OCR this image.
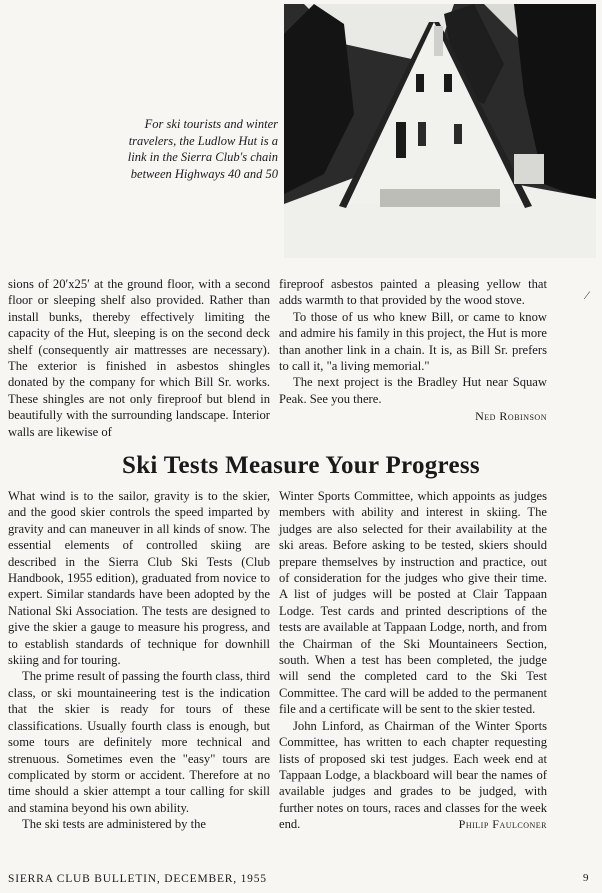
For ski tourists and winter travelers, the Ludlow Hut is a link in the Sierra Club's chain between Highways 40 and 50

sions of 20′x25′ at the ground floor, with a second floor or sleeping shelf also provided. Rather than install bunks, thereby effectively limiting the capacity of the Hut, sleeping is on the second deck shelf (consequently air mattresses are necessary). The exterior is finished in asbestos shingles donated by the company for which Bill Sr. works. These shingles are not only fireproof but blend in beautifully with the surrounding landscape. Interior walls are likewise of

fireproof asbestos painted a pleasing yellow that adds warmth to that provided by the wood stove.

To those of us who knew Bill, or came to know and admire his family in this project, the Hut is more than another link in a chain. It is, as Bill Sr. prefers to call it, "a living memorial."

The next project is the Bradley Hut near Squaw Peak. See you there.

Ned Robinson
⁄
Ski Tests Measure Your Progress

What wind is to the sailor, gravity is to the skier, and the good skier controls the speed imparted by gravity and can maneuver in all kinds of snow. The essential elements of controlled skiing are described in the Sierra Club Ski Tests (Club Handbook, 1955 edition), graduated from novice to expert. Similar standards have been adopted by the National Ski Association. The tests are designed to give the skier a gauge to measure his progress, and to establish standards of technique for downhill skiing and for touring.

The prime result of passing the fourth class, third class, or ski mountaineering test is the indication that the skier is ready for tours of these classifications. Usually fourth class is enough, but some tours are definitely more technical and strenuous. Sometimes even the "easy" tours are complicated by storm or accident. Therefore at no time should a skier attempt a tour calling for skill and stamina beyond his own ability.

The ski tests are administered by the

Winter Sports Committee, which appoints as judges members with ability and interest in skiing. The judges are also selected for their availability at the ski areas. Before asking to be tested, skiers should prepare themselves by instruction and practice, out of consideration for the judges who give their time. A list of judges will be posted at Clair Tappaan Lodge. Test cards and printed descriptions of the tests are available at Tappaan Lodge, north, and from the Chairman of the Ski Mountaineers Section, south. When a test has been completed, the judge will send the completed card to the Ski Test Committee. The card will be added to the permanent file and a certificate will be sent to the skier tested.

John Linford, as Chairman of the Winter Sports Committee, has written to each chapter requesting lists of proposed ski test judges. Each week end at Tappaan Lodge, a blackboard will bear the names of available judges and grades to be judged, with further notes on tours, races and classes for the week end.	Philip Faulconer

SIERRA CLUB BULLETIN, DECEMBER, 1955	9
